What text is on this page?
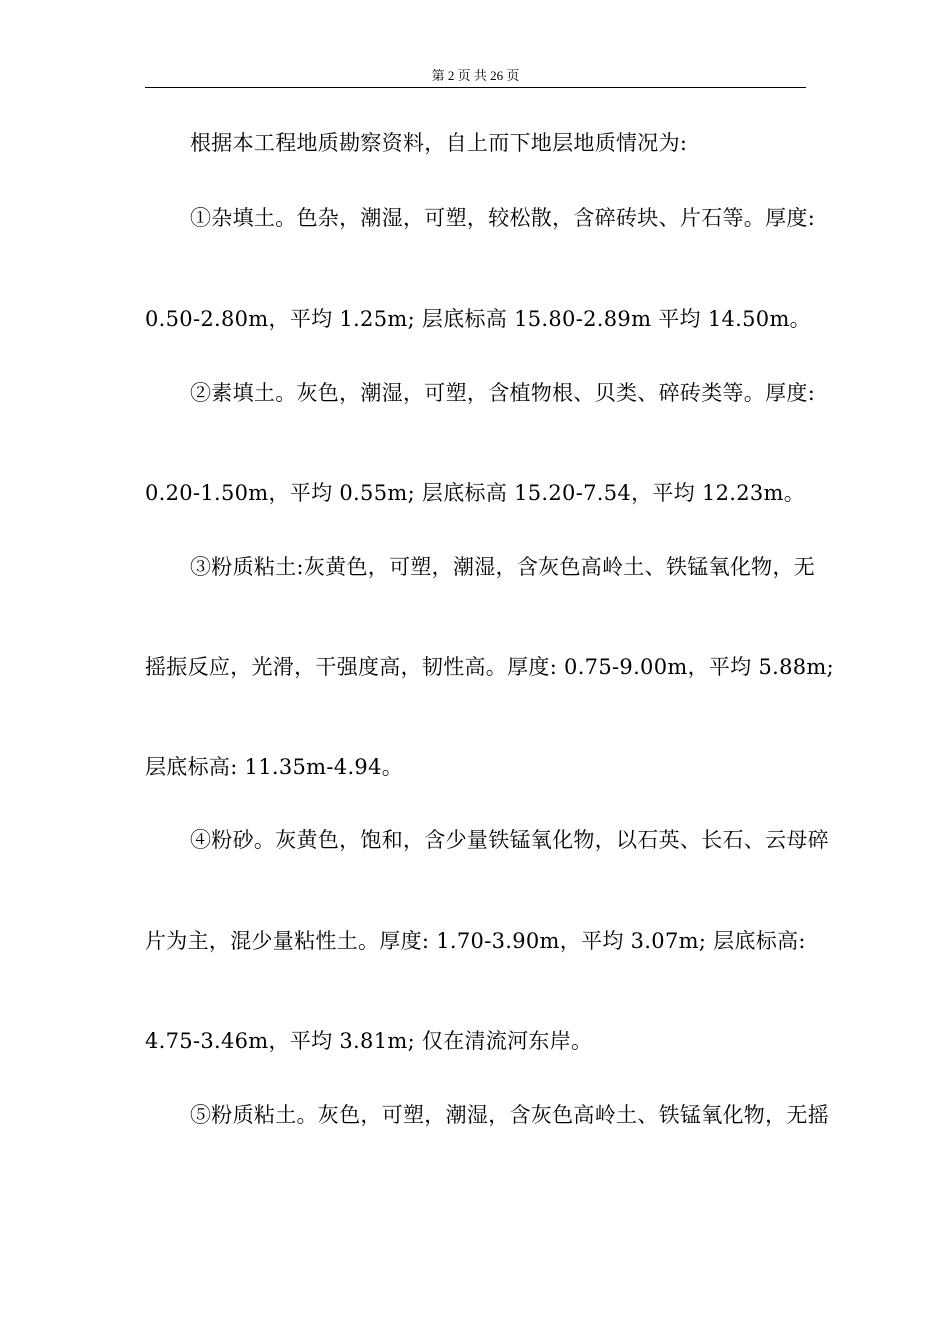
第 2 页 共 26 页
根据本工程地质勘察资料，自上而下地层地质情况为:
①杂填土。色杂，潮湿，可塑，较松散，含碎砖块、片石等。厚度:
0.50-2.80m，平均 1.25m; 层底标高 15.80-2.89m 平均 14.50m。
②素填土。灰色，潮湿，可塑，含植物根、贝类、碎砖类等。厚度:
0.20-1.50m，平均 0.55m; 层底标高 15.20-7.54，平均 12.23m。
③粉质粘土:灰黄色，可塑，潮湿，含灰色高岭土、铁锰氧化物，无
摇振反应，光滑，干强度高，韧性高。厚度: 0.75-9.00m，平均 5.88m;
层底标高: 11.35m-4.94。
④粉砂。灰黄色，饱和，含少量铁锰氧化物，以石英、长石、云母碎
片为主，混少量粘性土。厚度: 1.70-3.90m，平均 3.07m; 层底标高:
4.75-3.46m，平均 3.81m; 仅在清流河东岸。
⑤粉质粘土。灰色，可塑，潮湿，含灰色高岭土、铁锰氧化物，无摇
